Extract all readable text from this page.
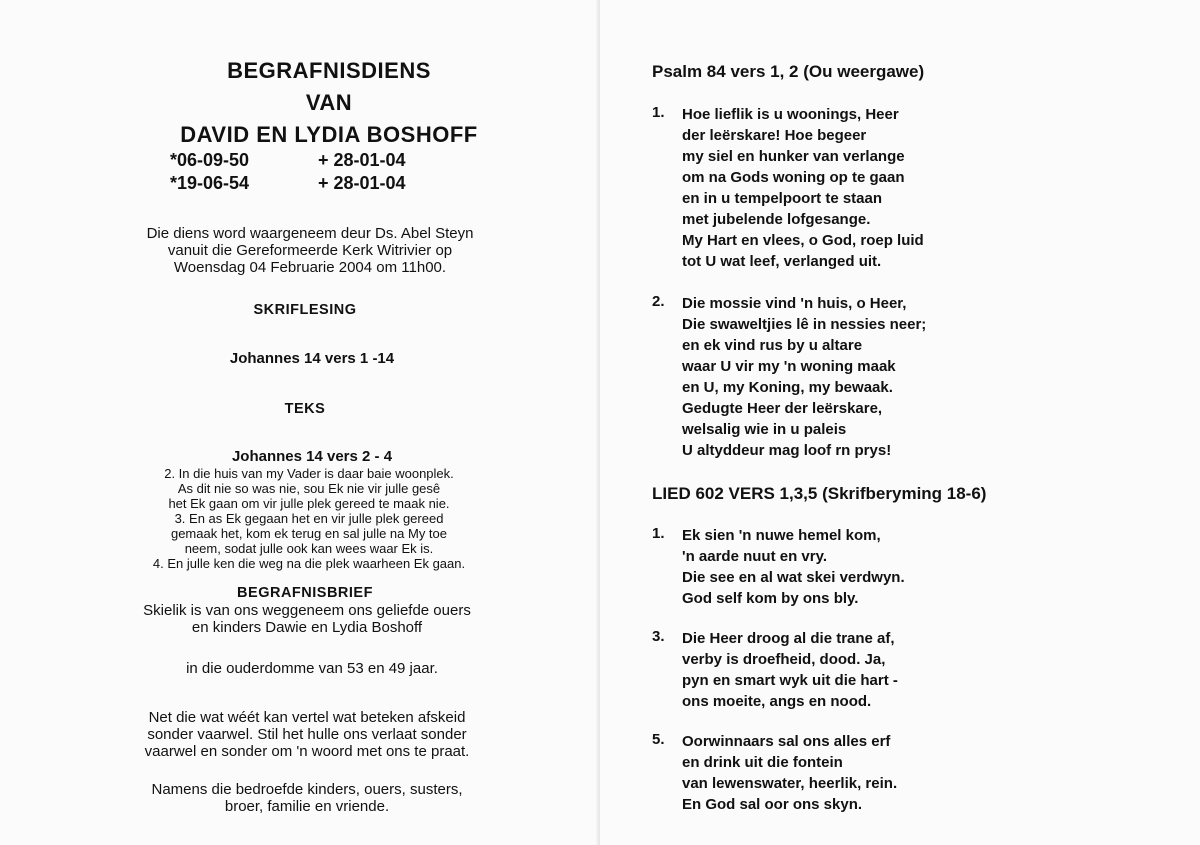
BEGRAFNISDIENS
VAN
DAVID EN LYDIA BOSHOFF
*06-09-50	+ 28-01-04
*19-06-54	+ 28-01-04
Die diens word waargeneem deur Ds. Abel Steyn
vanuit die Gereformeerde Kerk Witrivier op
Woensdag 04 Februarie 2004 om 11h00.
SKRIFLESING
Johannes 14 vers 1 -14
TEKS
Johannes 14 vers 2 - 4
2. In die huis van my Vader is daar baie woonplek.
As dit nie so was nie, sou Ek nie vir julle gesê
het Ek gaan om vir julle plek gereed te maak nie.
3. En as Ek gegaan het en vir julle plek gereed
gemaak het, kom ek terug en sal julle na My toe
neem, sodat julle ook kan wees waar Ek is.
4. En julle ken die weg na die plek waarheen Ek gaan.
BEGRAFNISBRIEF
Skielik is van ons weggeneem ons geliefde ouers
en kinders Dawie en Lydia Boshoff
in die ouderdomme van 53 en 49 jaar.
Net die wat wéét kan vertel wat beteken afskeid
sonder vaarwel. Stil het hulle ons verlaat sonder
vaarwel en sonder om 'n woord met ons te praat.
Namens die bedroefde kinders, ouers, susters,
broer, familie en vriende.
Psalm 84 vers 1, 2 (Ou weergawe)
1. Hoe lieflik is u woonings, Heer
der leërskare! Hoe begeer
my siel en hunker van verlange
om na Gods woning op te gaan
en in u tempelpoort te staan
met jubelende lofgesange.
My Hart en vlees, o God, roep luid
tot U wat leef, verlanged uit.
2. Die mossie vind 'n huis, o Heer,
Die swaweltjies lê in nessies neer;
en ek vind rus by u altare
waar U vir my 'n woning maak
en U, my Koning, my bewaak.
Gedugte Heer der leërskare,
welsalig wie in u paleis
U altyddeur mag loof rn prys!
LIED 602 VERS 1,3,5 (Skrifberyming 18-6)
1. Ek sien 'n nuwe hemel kom,
'n aarde nuut en vry.
Die see en al wat skei verdwyn.
God self kom by ons bly.
3. Die Heer droog al die trane af,
verby is droefheid, dood. Ja,
pyn en smart wyk uit die hart -
ons moeite, angs en nood.
5. Oorwinnaars sal ons alles erf
en drink uit die fontein
van lewenswater, heerlik, rein.
En God sal oor ons skyn.
